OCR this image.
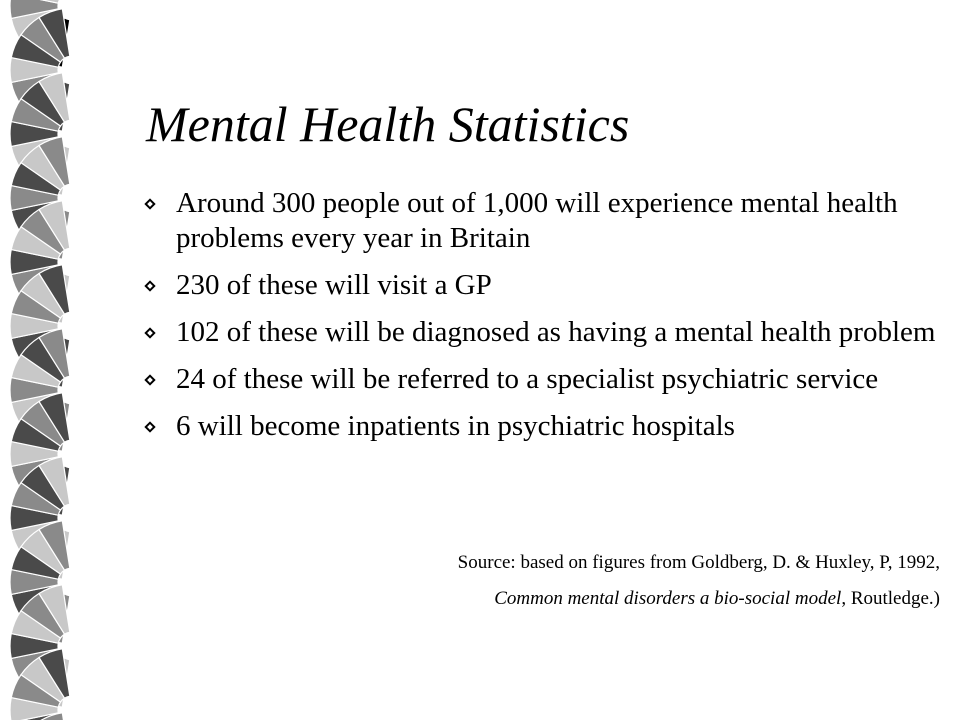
Mental Health Statistics
Around 300 people out of 1,000 will experience mental health problems every year in Britain
230 of these will visit a GP
102 of these will be diagnosed as having a mental health problem
24 of these will be referred to a specialist psychiatric service
6 will become inpatients in psychiatric hospitals
Source: based on figures from Goldberg, D. & Huxley, P, 1992,
Common mental disorders a bio-social model, Routledge.)
